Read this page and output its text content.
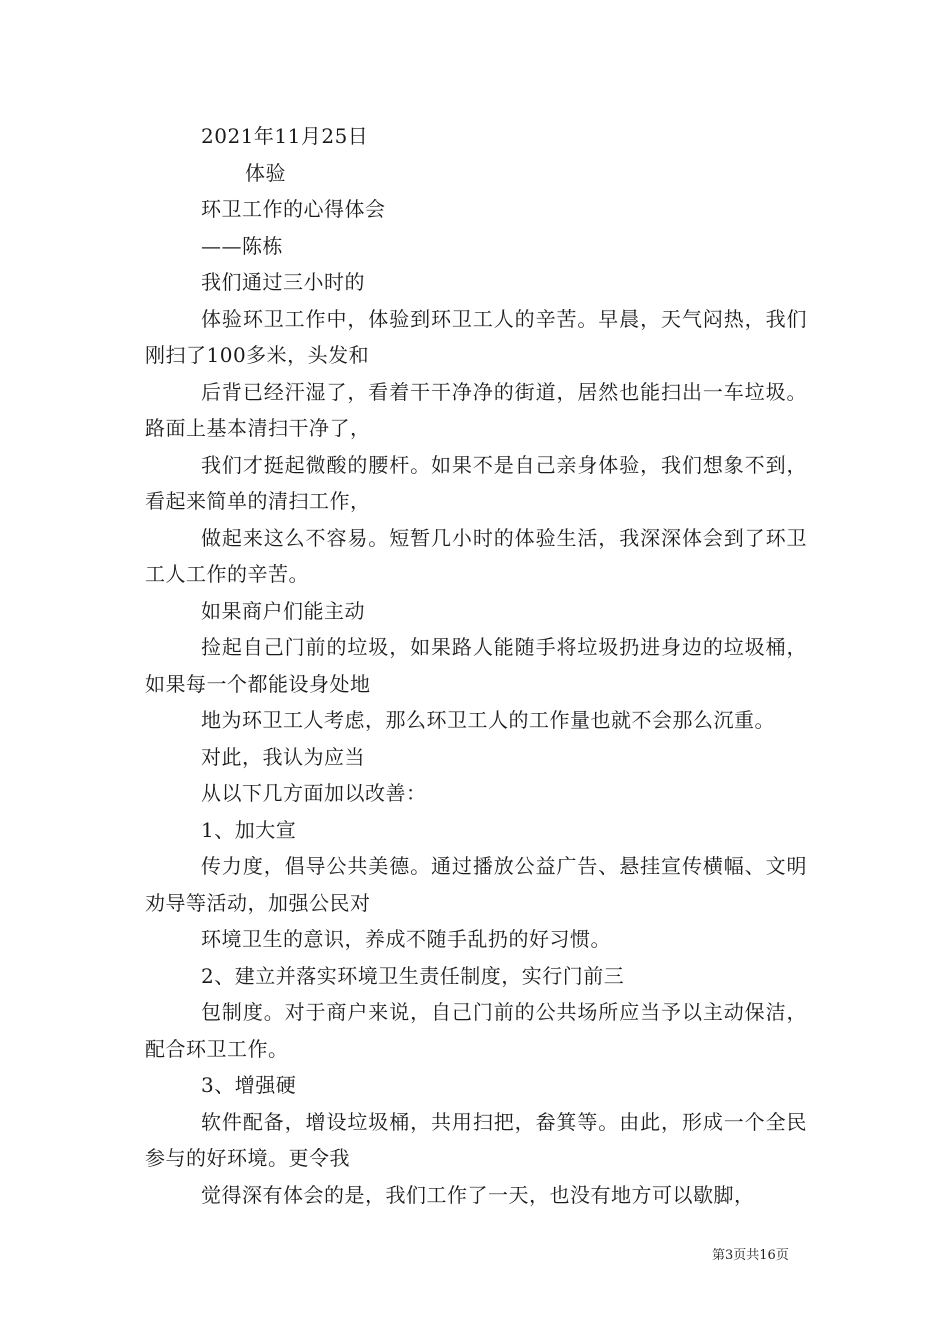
2021年11月25日

体验

环卫工作的心得体会

——陈栋

我们通过三小时的

体验环卫工作中，体验到环卫工人的辛苦。早晨，天气闷热，我们刚扫了100多米，头发和

后背已经汗湿了，看着干干净净的街道，居然也能扫出一车垃圾。路面上基本清扫干净了，

我们才挺起微酸的腰杆。如果不是自己亲身体验，我们想象不到，看起来简单的清扫工作，

做起来这么不容易。短暂几小时的体验生活，我深深体会到了环卫工人工作的辛苦。

如果商户们能主动

捡起自己门前的垃圾，如果路人能随手将垃圾扔进身边的垃圾桶，如果每一个都能设身处地

地为环卫工人考虑，那么环卫工人的工作量也就不会那么沉重。

对此，我认为应当

从以下几方面加以改善：

1、加大宣

传力度，倡导公共美德。通过播放公益广告、悬挂宣传横幅、文明劝导等活动，加强公民对

环境卫生的意识，养成不随手乱扔的好习惯。

2、建立并落实环境卫生责任制度，实行门前三

包制度。对于商户来说，自己门前的公共场所应当予以主动保洁，配合环卫工作。

3、增强硬

软件配备，增设垃圾桶，共用扫把，畚箕等。由此，形成一个全民参与的好环境。更令我

觉得深有体会的是，我们工作了一天，也没有地方可以歇脚，

第3页共16页
